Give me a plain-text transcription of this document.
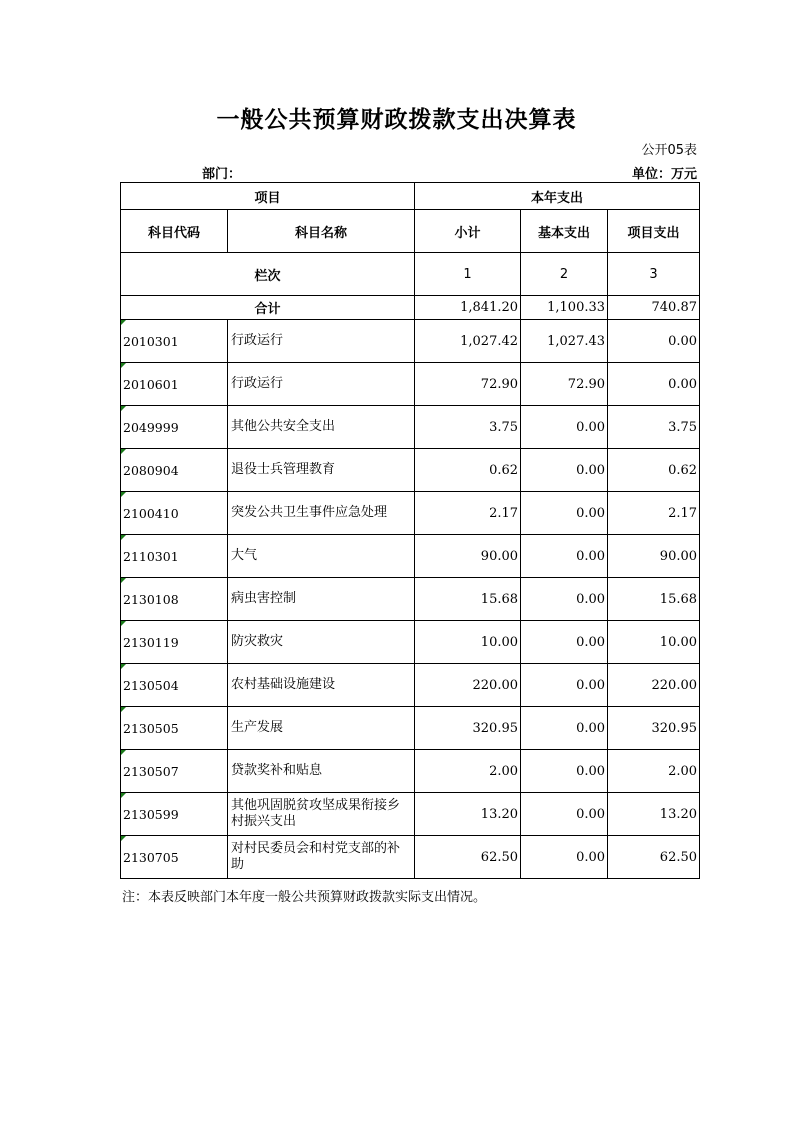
一般公共预算财政拨款支出决算表
公开05表
部门：	单位：万元
项目		本年支出		
科目代码	科目名称	小计	基本支出	项目支出
栏次		1	2	3
合计		1,841.20	1,100.33	740.87

2010301	行政运行	1,027.42	1,027.43	0.00

2010601	行政运行	72.90	72.90	0.00

2049999	其他公共安全支出	3.75	0.00	3.75

2080904	退役士兵管理教育	0.62	0.00	0.62

2100410	突发公共卫生事件应急处理	2.17	0.00	2.17

2110301	大气	90.00	0.00	90.00

2130108	病虫害控制	15.68	0.00	15.68

2130119	防灾救灾	10.00	0.00	10.00

2130504	农村基础设施建设	220.00	0.00	220.00

2130505	生产发展	320.95	0.00	320.95

2130507	贷款奖补和贴息	2.00	0.00	2.00

2130599	其他巩固脱贫攻坚成果衔接乡村振兴支出	13.20	0.00	13.20

2130705	对村民委员会和村党支部的补助	62.50	0.00	62.50
注：本表反映部门本年度一般公共预算财政拨款实际支出情况。
